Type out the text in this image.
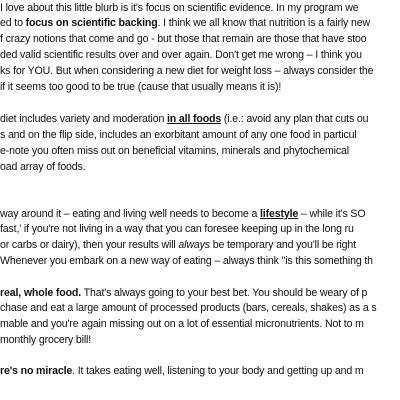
I love about this little blurb is it's focus on scientific evidence. In my program we
ed to focus on scientific backing. I think we all know that nutrition is a fairly new
f crazy notions that come and go - but those that remain are those that have stoo
ded valid scientific results over and over again. Don't get me wrong – I think you
ks for YOU. But when considering a new diet for weight loss – always consider the
if it seems too good to be true (cause that usually means it is)!
diet includes variety and moderation in all foods (i.e.: avoid any plan that cuts ou
s and on the flip side, includes an exorbitant amount of any one food in particul
e-note you often miss out on beneficial vitamins, minerals and phytochemical
oad array of foods.
way around it – eating and living well needs to become a lifestyle – while it's SO
fast,' if you're not living in a way that you can foresee keeping up in the long ru
or carbs or dairy), then your results will always be temporary and you'll be right
Whenever you embark on a new way of eating – always think "is this something th
real, whole food. That's always going to your best bet. You should be weary of p
chase and eat a large amount of processed products (bars, cereals, shakes) as a s
mable and you're again missing out on a lot of essential micronutrients. Not to m
monthly grocery bill!
re's no miracle. It takes eating well, listening to your body and getting up and m
